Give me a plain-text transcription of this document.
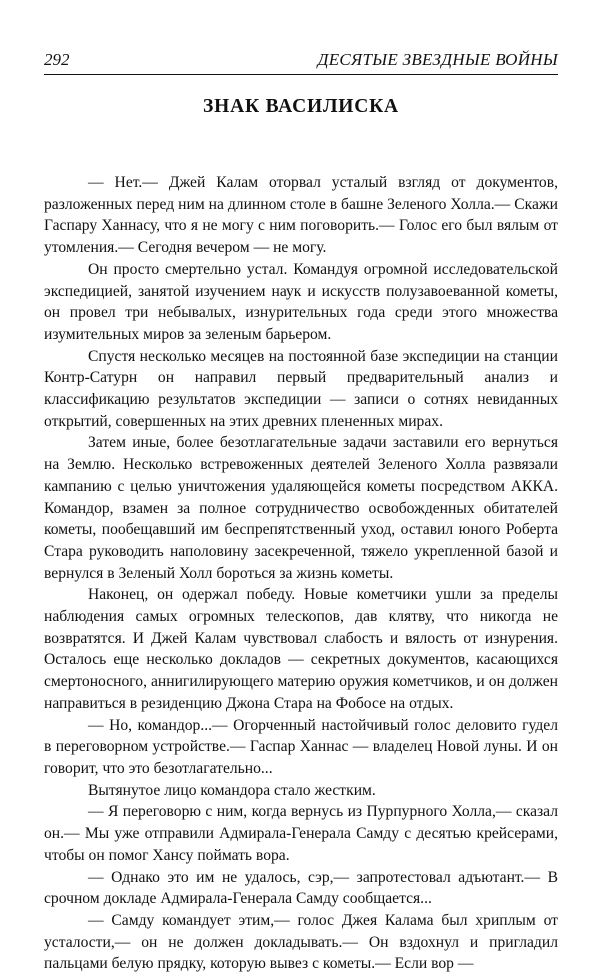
292	ДЕСЯТЫЕ ЗВЕЗДНЫЕ ВОЙНЫ
ЗНАК ВАСИЛИСКА

— Нет.— Джей Калам оторвал усталый взгляд от документов, разложенных перед ним на длинном столе в башне Зеленого Холла.— Скажи Гаспару Ханнасу, что я не могу с ним поговорить.— Голос его был вялым от утомления.— Сегодня вечером — не могу.

Он просто смертельно устал. Командуя огромной исследовательской экспедицией, занятой изучением наук и искусств полузавоеванной кометы, он провел три небывалых, изнурительных года среди этого множества изумительных миров за зеленым барьером.

Спустя несколько месяцев на постоянной базе экспедиции на станции Контр-Сатурн он направил первый предварительный анализ и классификацию результатов экспедиции — записи о сотнях невиданных открытий, совершенных на этих древних плененных мирах.

Затем иные, более безотлагательные задачи заставили его вернуться на Землю. Несколько встревоженных деятелей Зеленого Холла развязали кампанию с целью уничтожения удаляющейся кометы посредством АККА. Командор, взамен за полное сотрудничество освобожденных обитателей кометы, пообещавший им беспрепятственный уход, оставил юного Роберта Стара руководить наполовину засекреченной, тяжело укрепленной базой и вернулся в Зеленый Холл бороться за жизнь кометы.

Наконец, он одержал победу. Новые кометчики ушли за пределы наблюдения самых огромных телескопов, дав клятву, что никогда не возвратятся. И Джей Калам чувствовал слабость и вялость от изнурения. Осталось еще несколько докладов — секретных документов, касающихся смертоносного, аннигилирующего материю оружия кометчиков, и он должен направиться в резиденцию Джона Стара на Фобосе на отдых.

— Но, командор...— Огорченный настойчивый голос деловито гудел в переговорном устройстве.— Гаспар Ханнас — владелец Новой луны. И он говорит, что это безотлагательно...

Вытянутое лицо командора стало жестким.

— Я переговорю с ним, когда вернусь из Пурпурного Холла,— сказал он.— Мы уже отправили Адмирала-Генерала Самду с десятью крейсерами, чтобы он помог Хансу поймать вора.

— Однако это им не удалось, сэр,— запротестовал адъютант.— В срочном докладе Адмирала-Генерала Самду сообщается...

— Самду командует этим,— голос Джея Калама был хриплым от усталости,— он не должен докладывать.— Он вздохнул и пригладил пальцами белую прядку, которую вывез с кометы.— Если вор —
